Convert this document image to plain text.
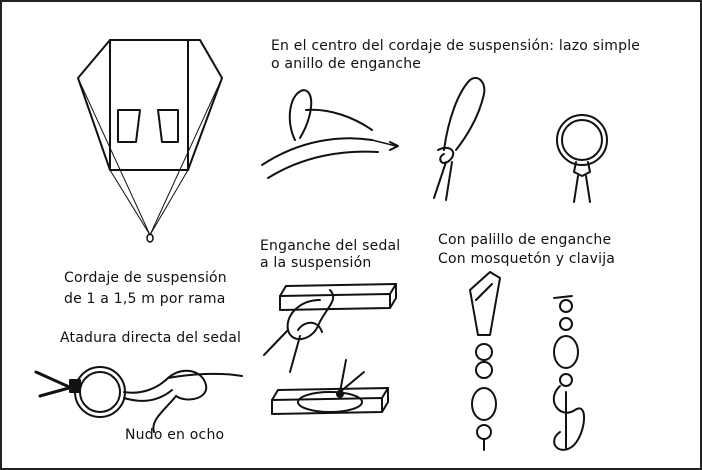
En el centro del cordaje de suspensión: lazo simple
o anillo de enganche
Enganche del sedal
a la suspensión
Con palillo de enganche
Con mosquetón y clavija
Cordaje de suspensión
de 1 a 1,5 m por rama
Atadura directa del sedal
Nudo en ocho
